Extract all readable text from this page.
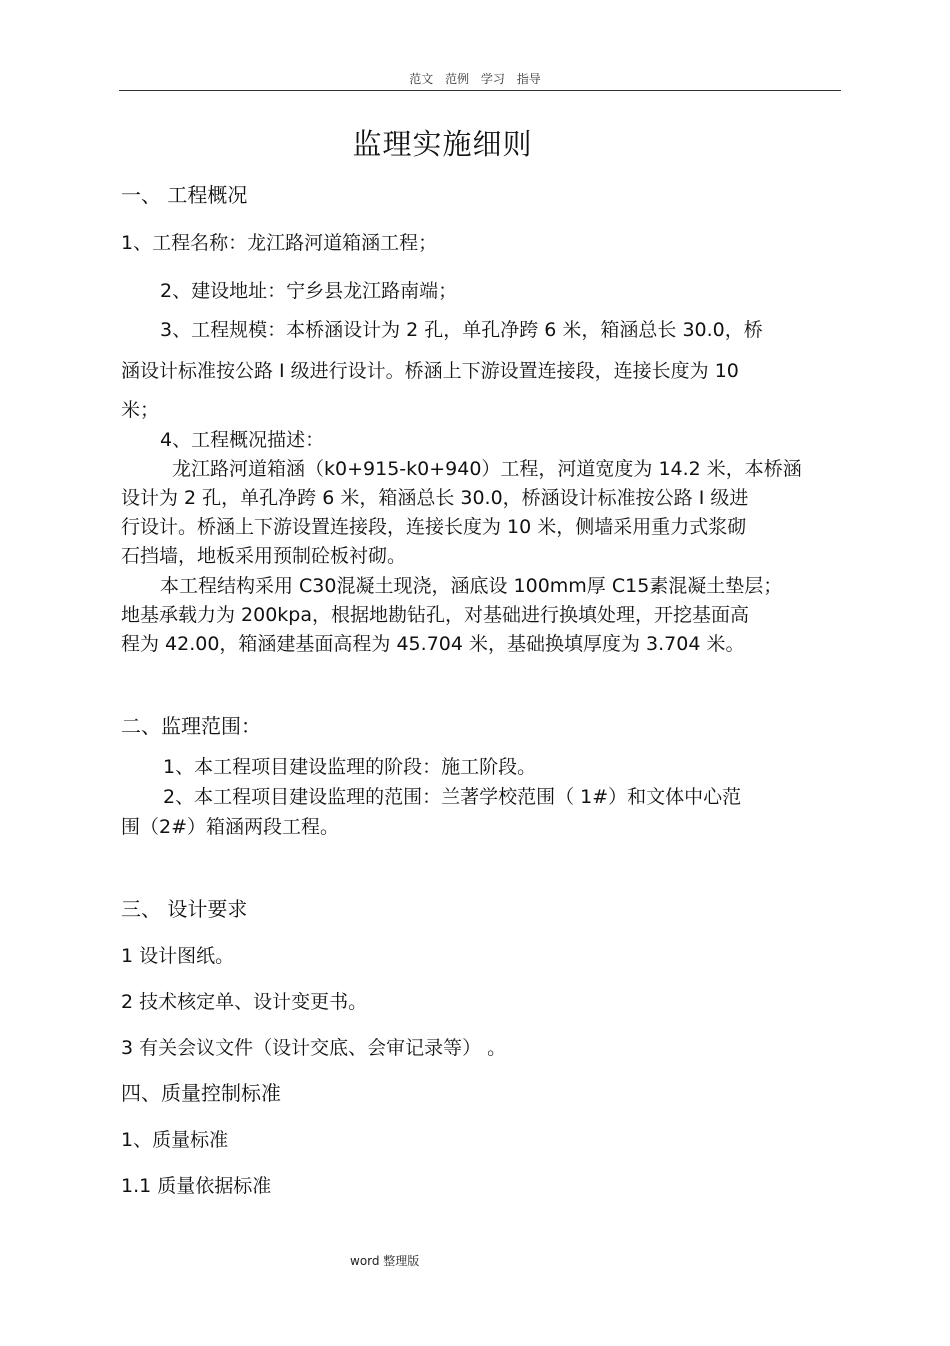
范文 范例 学习 指导
监理实施细则
一、 工程概况
1、工程名称：龙江路河道箱涵工程；
2、建设地址：宁乡县龙江路南端；
3、工程规模：本桥涵设计为 2 孔，单孔净跨 6 米，箱涵总长 30.0，桥
涵设计标准按公路 Ⅰ 级进行设计。桥涵上下游设置连接段，连接长度为 10
米；
4、工程概况描述：
龙江路河道箱涵（k0+915-k0+940）工程，河道宽度为 14.2 米，本桥涵
设计为 2 孔，单孔净跨 6 米，箱涵总长 30.0，桥涵设计标准按公路 Ⅰ 级进
行设计。桥涵上下游设置连接段，连接长度为 10 米，侧墙采用重力式浆砌
石挡墙，地板采用预制砼板衬砌。
本工程结构采用 C30混凝土现浇，涵底设 100mm厚 C15素混凝土垫层；
地基承载力为 200kpa，根据地勘钻孔，对基础进行换填处理，开挖基面高
程为 42.00，箱涵建基面高程为 45.704 米，基础换填厚度为 3.704 米。
二、监理范围：
1、本工程项目建设监理的阶段：施工阶段。
2、本工程项目建设监理的范围：兰著学校范围（ 1#）和文体中心范
围（2#）箱涵两段工程。
三、 设计要求
1 设计图纸。
2 技术核定单、设计变更书。
3 有关会议文件（设计交底、会审记录等） 。
四、质量控制标准
1、质量标准
1.1 质量依据标准
word 整理版
